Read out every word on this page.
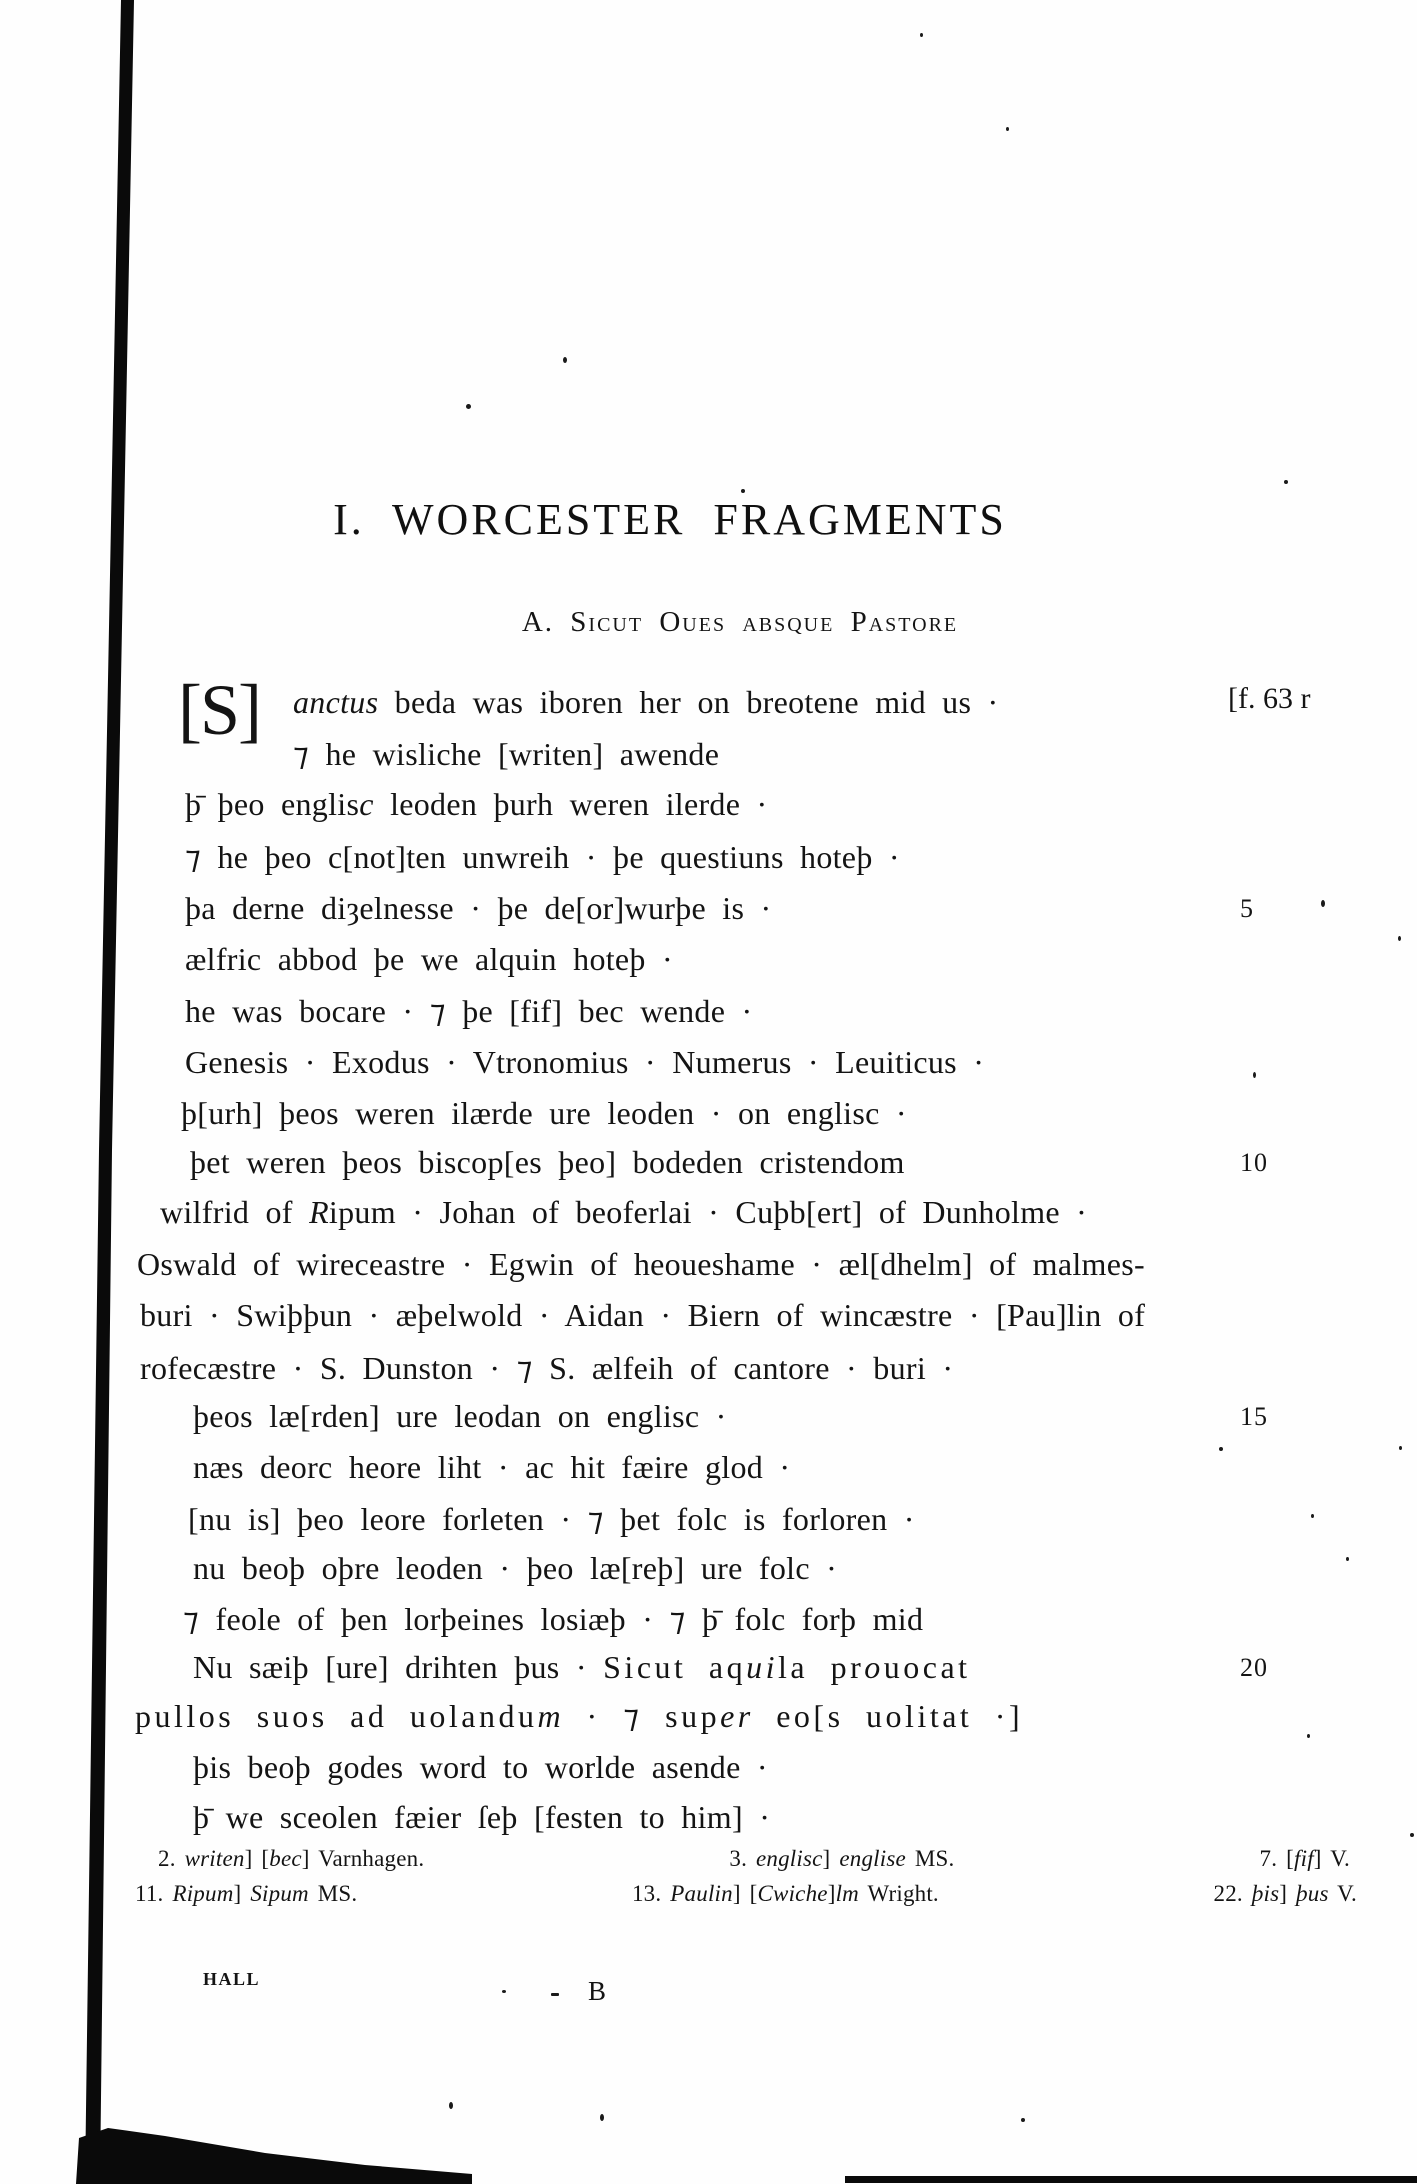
I. WORCESTER FRAGMENTS
A. Sicut Oues absque Pastore
[S]	[f. 63 r
anctus beda was iboren her on breotene mid us ·
⁊ he wisliche [writen] awende
þ̄ þeo englisc leoden þurh weren ilerde ·
⁊ he þeo c[not]ten unwreih · þe questiuns hoteþ ·
þa derne diȝelnesse · þe de[or]wurþe is ·	5
ælfric abbod þe we alquin hoteþ ·
he was bocare · ⁊ þe [fif] bec wende ·
Genesis · Exodus · Vtronomius · Numerus · Leuiticus ·
þ[urh] þeos weren ilærde ure leoden · on englisc ·
þet weren þeos biscop[es þeo] bodeden cristendom	10
wilfrid of Ripum · Johan of beoferlai · Cuþb[ert] of Dunholme ·
Oswald of wireceastre · Egwin of heoueshame · æl[dhelm] of malmes-
buri · Swiþþun · æþelwold · Aidan · Biern of wincæstre · [Pau]lin of
rofecæstre · S. Dunston · ⁊ S. ælfeih of cantore · buri ·
þeos læ[rden] ure leodan on englisc ·	15
næs deorc heore liht · ac hit fæire glod ·
[nu is] þeo leore forleten · ⁊ þet folc is forloren ·
nu beoþ oþre leoden · þeo læ[reþ] ure folc ·
⁊ feole of þen lorþeines losiæþ · ⁊ þ̄ folc forþ mid
Nu sæiþ [ure] drihten þus · Sicut aquila prouocat	20
pullos suos ad uolandum · ⁊ super eo[s uolitat ·]
þis beoþ godes word to worlde asende ·
þ̄ we sceolen fæier ſeþ [festen to him] ·
2. writen] [bec] Varnhagen.	3. englisc] englise MS.	7. [fif] V.
11. Ripum] Sipum MS.	13. Paulin] [Cwiche]lm Wright.	22. þis] þus V.
HALL	B
